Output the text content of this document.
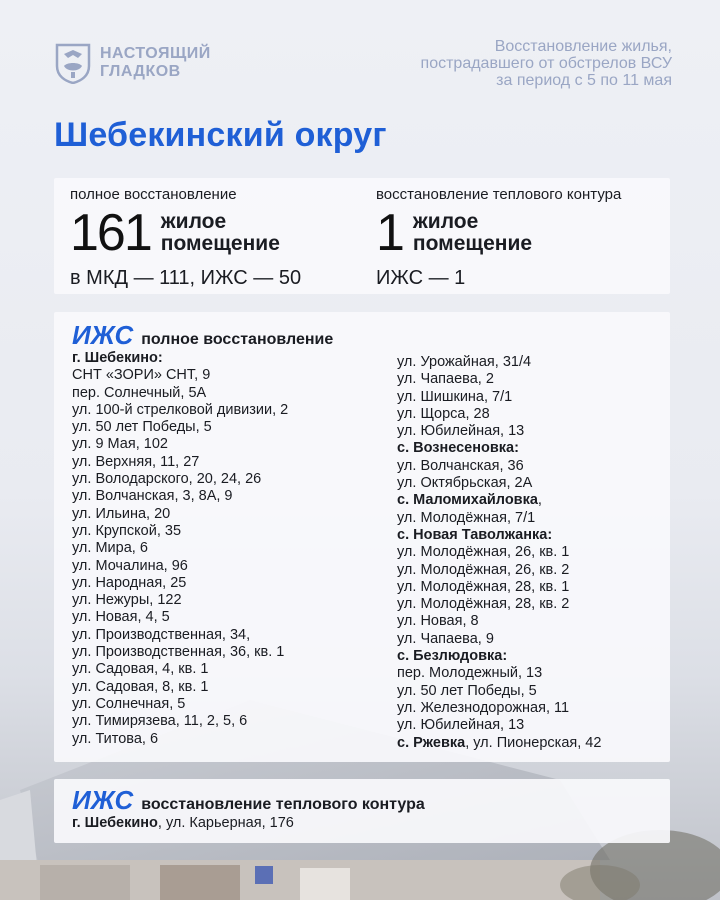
НАСТОЯЩИЙ
ГЛАДКОВ
Восстановление жилья,
пострадавшего от обстрелов ВСУ
за период с 5 по 11 мая
Шебекинский округ
полное восстановление
161 жилое
помещение
в МКД — 111, ИЖС — 50
восстановление теплового контура
1 жилое
помещение
ИЖС — 1
ИЖС полное восстановление
г. Шебекино:
СНТ «ЗОРИ» СНТ, 9
пер. Солнечный, 5А
ул. 100-й стрелковой дивизии, 2
ул. 50 лет Победы, 5
ул. 9 Мая, 102
ул. Верхняя, 11, 27
ул. Володарского, 20, 24, 26
ул. Волчанская, 3, 8А, 9
ул. Ильина, 20
ул. Крупской, 35
ул. Мира, 6
ул. Мочалина, 96
ул. Народная, 25
ул. Нежуры, 122
ул. Новая, 4, 5
ул. Производственная, 34,
ул. Производственная, 36, кв. 1
ул. Садовая, 4, кв. 1
ул. Садовая, 8, кв. 1
ул. Солнечная, 5
ул. Тимирязева, 11, 2, 5, 6
ул. Титова, 6
ул. Урожайная, 31/4
ул. Чапаева, 2
ул. Шишкина, 7/1
ул. Щорса, 28
ул. Юбилейная, 13
с. Вознесеновка:
ул. Волчанская, 36
ул. Октябрьская, 2А
с. Маломихайловка,
ул. Молодёжная, 7/1
с. Новая Таволжанка:
ул. Молодёжная, 26, кв. 1
ул. Молодёжная, 26, кв. 2
ул. Молодёжная, 28, кв. 1
ул. Молодёжная, 28, кв. 2
ул. Новая, 8
ул. Чапаева, 9
с. Безлюдовка:
пер. Молодежный, 13
ул. 50 лет Победы, 5
ул. Железнодорожная, 11
ул. Юбилейная, 13
с. Ржевка, ул. Пионерская, 42
ИЖС восстановление теплового контура
г. Шебекино, ул. Карьерная, 176
